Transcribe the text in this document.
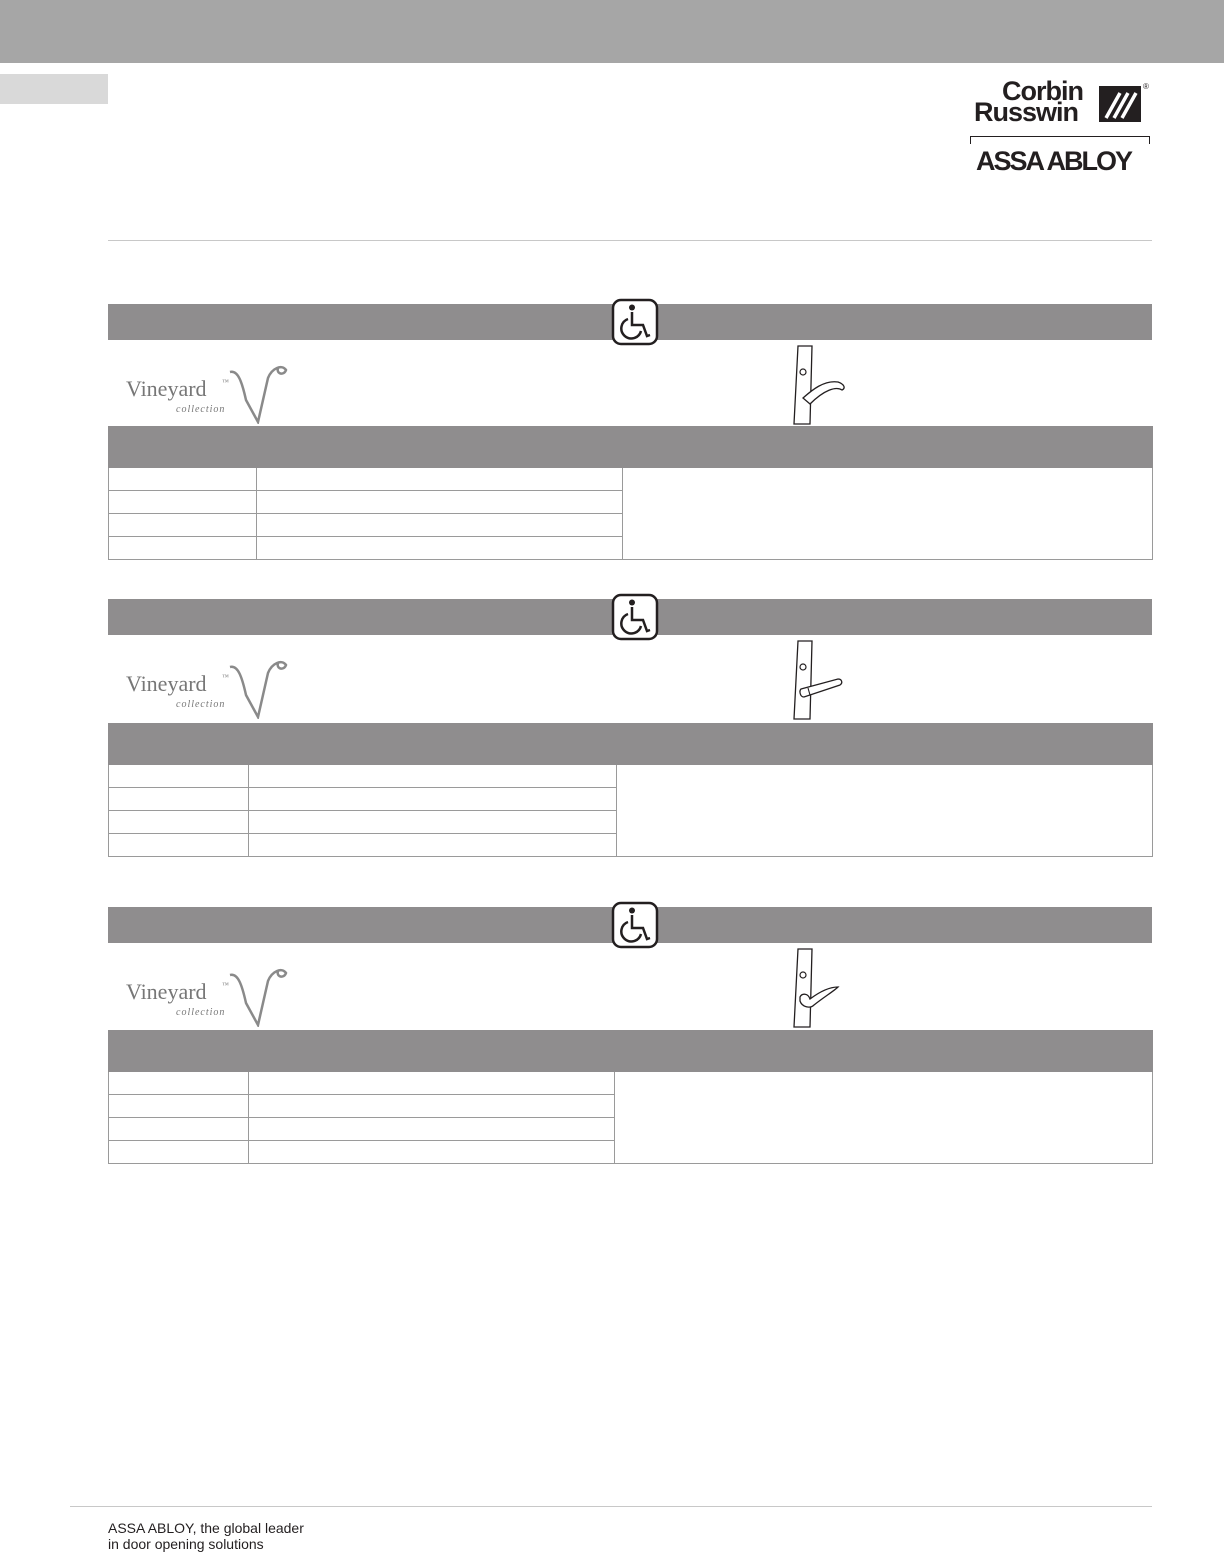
Corbin
Russwin
®
ASSA ABLOY
Vineyard ™
collection

Vineyard ™
collection

Vineyard ™
collection

ASSA ABLOY, the global leader
in door opening solutions
